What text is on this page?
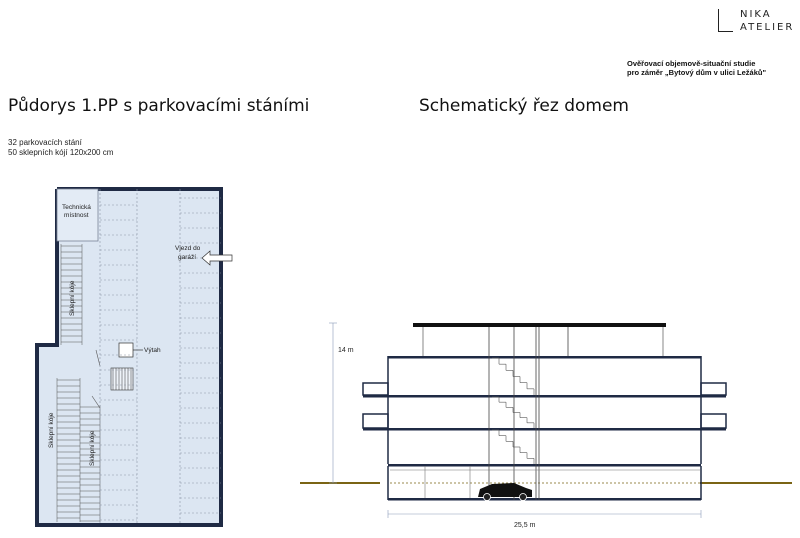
NIKA
ATELIER
Ověřovací objemově-situační studie
pro záměr „Bytový dům v ulici Ležáků"
Půdorys 1.PP s parkovacími stáními	Schematický řez domem
32 parkovacích stání
50 sklepních kójí 120x200 cm
Technická
místnost
Vjezd do
garáží
Výtah
Sklepní kóje
Sklepní kóje
Sklepní kóje
14 m
25,5 m
